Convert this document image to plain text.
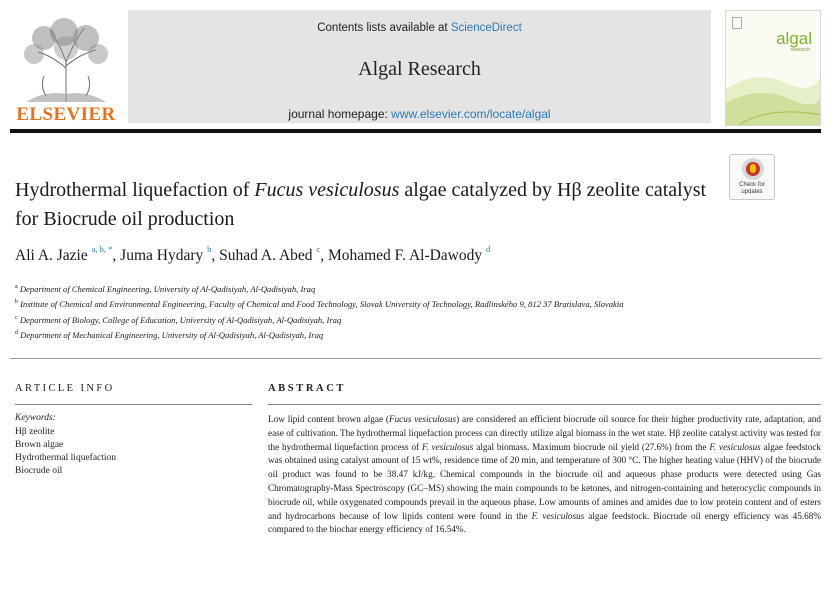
ELSEVIER
Contents lists available at ScienceDirect
Algal Research
journal homepage: www.elsevier.com/locate/algal
algal
research
Check for updates
Hydrothermal liquefaction of Fucus vesiculosus algae catalyzed by Hβ zeolite catalyst for Biocrude oil production
Ali A. Jazie $^{a, b, *}$, Juma Hydary $^b$, Suhad A. Abed $^c$, Mohamed F. Al-Dawody $^d$
$^a$ Department of Chemical Engineering, University of Al-Qadisiyah, Al-Qadisiyah, Iraq
$^b$ Institute of Chemical and Environmental Engineering, Faculty of Chemical and Food Technology, Slovak University of Technology, Radlinského 9, 812 37 Bratislava, Slovakia
$^c$ Department of Biology, College of Education, University of Al-Qadisiyah, Al-Qadisiyah, Iraq
$^d$ Department of Mechanical Engineering, University of Al-Qadisiyah, Al-Qadisiyah, Iraq
ARTICLE INFO
Keywords:
Hβ zeolite
Brown algae
Hydrothermal liquefaction
Biocrude oil
ABSTRACT

Low lipid content brown algae (Fucus vesiculosus) are considered an efficient biocrude oil source for their higher productivity rate, adaptation, and ease of cultivation. The hydrothermal liquefaction process can directly utilize algal biomass in the wet state. Hβ zeolite catalyst activity was tested for the hydrothermal liquefaction process of F. vesiculosus algal biomass. Maximum biocrude oil yield (27.6%) from the F. vesiculosus algae feedstock was obtained using catalyst amount of 15 wt%, residence time of 20 min, and temperature of 300 °C. The higher heating value (HHV) of the biocrude oil product was found to be 38.47 kJ/kg. Chemical compounds in the biocrude oil and aqueous phase products were detected using Gas Chromatography-Mass Spectroscopy (GC–MS) showing the main compounds to be ketones, and nitrogen-containing and heterocyclic compounds in biocrude oil, while oxygenated compounds prevail in the aqueous phase. Low amounts of amines and amides due to low protein content and of esters and hydrocarbons because of low lipids content were found in the F. vesiculosus algae feedstock. Biocrude oil energy efficiency was 45.68% compared to the biochar energy efficiency of 16.54%.
